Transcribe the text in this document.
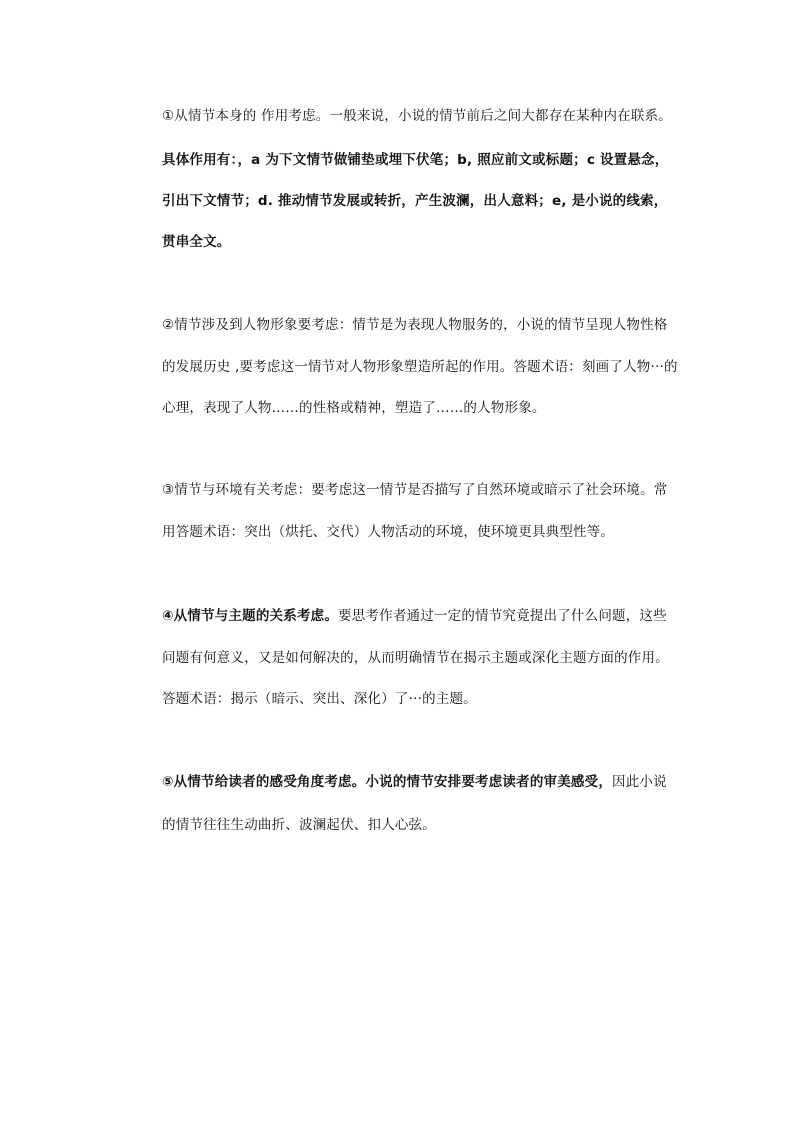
①从情节本身的 作用考虑。一般来说，小说的情节前后之间大都存在某种内在联系。
具体作用有：，a 为下文情节做铺垫或埋下伏笔；b, 照应前文或标题；c 设置悬念，
引出下文情节；d. 推动情节发展或转折，产生波澜，出人意料；e, 是小说的线索，
贯串全文。
②情节涉及到人物形象要考虑：情节是为表现人物服务的，小说的情节呈现人物性格
的发展历史 ,要考虑这一情节对人物形象塑造所起的作用。答题术语：刻画了人物···的
心理，表现了人物……的性格或精神，塑造了……的人物形象。
③情节与环境有关考虑：要考虑这一情节是否描写了自然环境或暗示了社会环境。常
用答题术语：突出（烘托、交代）人物活动的环境，使环境更具典型性等。
④从情节与主题的关系考虑。要思考作者通过一定的情节究竟提出了什么问题，这些
问题有何意义，又是如何解决的，从而明确情节在揭示主题或深化主题方面的作用。
答题术语：揭示（暗示、突出、深化）了···的主题。
⑤从情节给读者的感受角度考虑。小说的情节安排要考虑读者的审美感受，因此小说
的情节往往生动曲折、波澜起伏、扣人心弦。
